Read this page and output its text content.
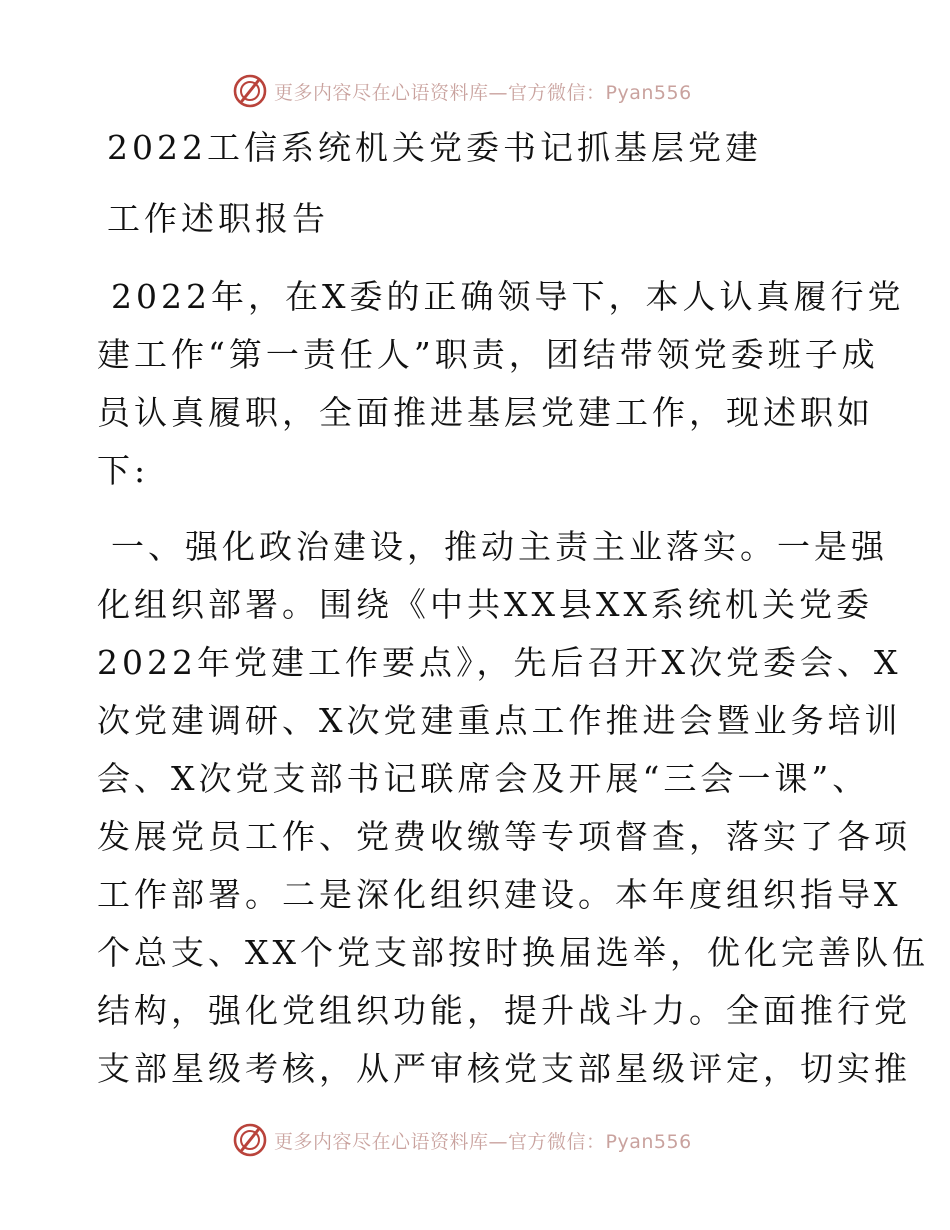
更多内容尽在心语资料库—官方微信：Pyan556
2022工信系统机关党委书记抓基层党建
工作述职报告
2022年，在X委的正确领导下，本人认真履行党
建工作“第一责任人”职责，团结带领党委班子成
员认真履职，全面推进基层党建工作，现述职如
下:
一、强化政治建设，推动主责主业落实。一是强
化组织部署。围绕《中共XX县XX系统机关党委
2022年党建工作要点》，先后召开X次党委会、X
次党建调研、X次党建重点工作推进会暨业务培训
会、X次党支部书记联席会及开展“三会一课”、
发展党员工作、党费收缴等专项督查，落实了各项
工作部署。二是深化组织建设。本年度组织指导X
个总支、XX个党支部按时换届选举，优化完善队伍
结构，强化党组织功能，提升战斗力。全面推行党
支部星级考核，从严审核党支部星级评定，切实推
更多内容尽在心语资料库—官方微信：Pyan556
